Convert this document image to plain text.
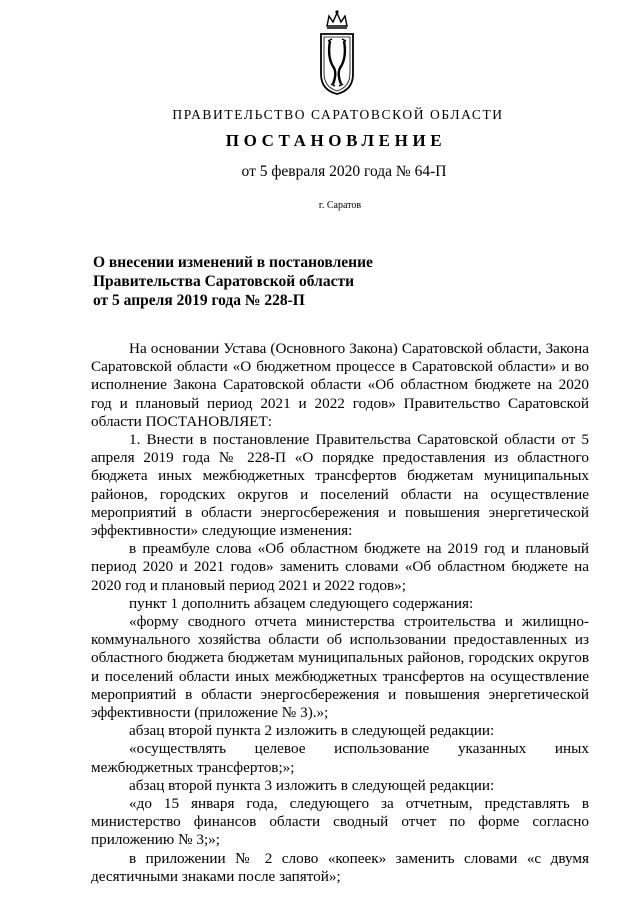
ПРАВИТЕЛЬСТВО САРАТОВСКОЙ ОБЛАСТИ
ПОСТАНОВЛЕНИЕ
от 5 февраля 2020 года № 64-П
г. Саратов
О внесении изменений в постановление
Правительства Саратовской области
от 5 апреля 2019 года № 228-П

На основании Устава (Основного Закона) Саратовской области, Закона Саратовской области «О бюджетном процессе в Саратовской области» и во исполнение Закона Саратовской области «Об областном бюджете на 2020 год и плановый период 2021 и 2022 годов» Правительство Саратовской области ПОСТАНОВЛЯЕТ:

1. Внести в постановление Правительства Саратовской области от 5 апреля 2019 года № 228-П «О порядке предоставления из областного бюджета иных межбюджетных трансфертов бюджетам муниципальных районов, городских округов и поселений области на осуществление мероприятий в области энергосбережения и повышения энергетической эффективности» следующие изменения:

в преамбуле слова «Об областном бюджете на 2019 год и плановый период 2020 и 2021 годов» заменить словами «Об областном бюджете на 2020 год и плановый период 2021 и 2022 годов»;

пункт 1 дополнить абзацем следующего содержания:

«форму сводного отчета министерства строительства и жилищно-коммунального хозяйства области об использовании предоставленных из областного бюджета бюджетам муниципальных районов, городских округов и поселений области иных межбюджетных трансфертов на осуществление мероприятий в области энергосбережения и повышения энергетической эффективности (приложение № 3).»;

абзац второй пункта 2 изложить в следующей редакции:

«осуществлять целевое использование указанных иных межбюджетных трансфертов;»;

абзац второй пункта 3 изложить в следующей редакции:

«до 15 января года, следующего за отчетным, представлять в министерство финансов области сводный отчет по форме согласно приложению № 3;»;

в приложении № 2 слово «копеек» заменить словами «с двумя десятичными знаками после запятой»;
